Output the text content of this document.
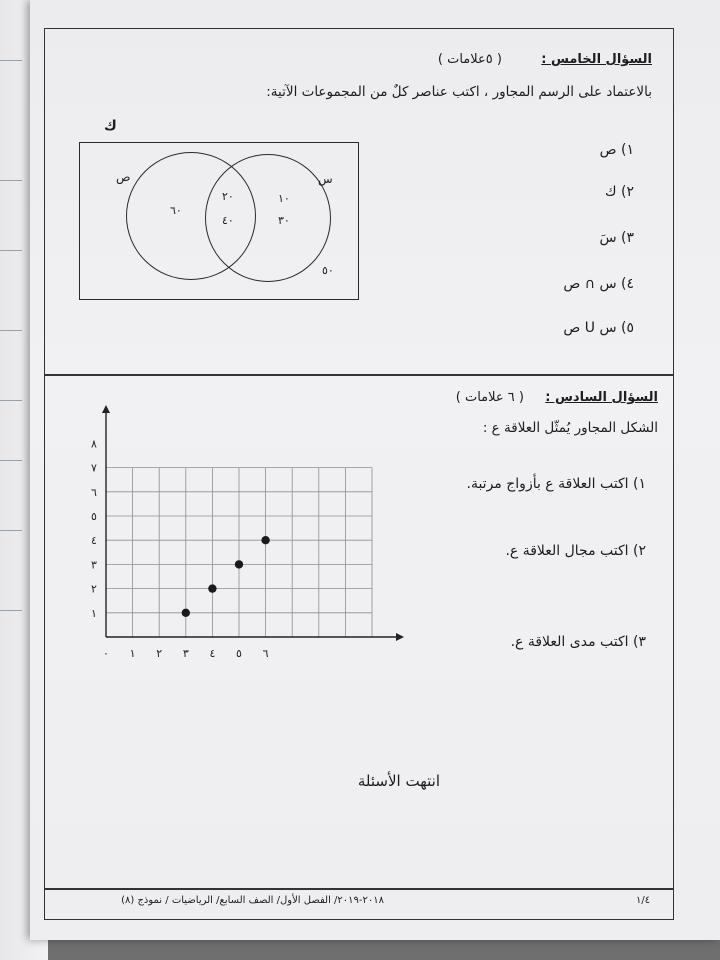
السؤال الخامس :
( ٥علامات )
بالاعتماد على الرسم المجاور ، اكتب عناصر كلٌ من المجموعات الآتية:
١) ص
٢) ك
٣) سَ
٤) س ∩ ص
٥) س U ص
ك
ص	س
٦٠
٢٠
٤٠
١٠
٣٠
٥٠
السؤال السادس :
( ٦ علامات )
الشكل المجاور يُمثّل العلاقة ع :
١) اكتب العلاقة ع بأزواج مرتبة.
٢) اكتب مجال العلاقة ع.
٣) اكتب مدى العلاقة ع.
٠ ١ ٢ ٣ ٤ ٥ ٦
١
٢
٣
٤
٥
٦
٧
٨
انتهت الأسئلة
١/٤
٢٠١٨-٢٠١٩/ الفصل الأول/ الصف السابع/ الرياضيات / نموذج (٨)
